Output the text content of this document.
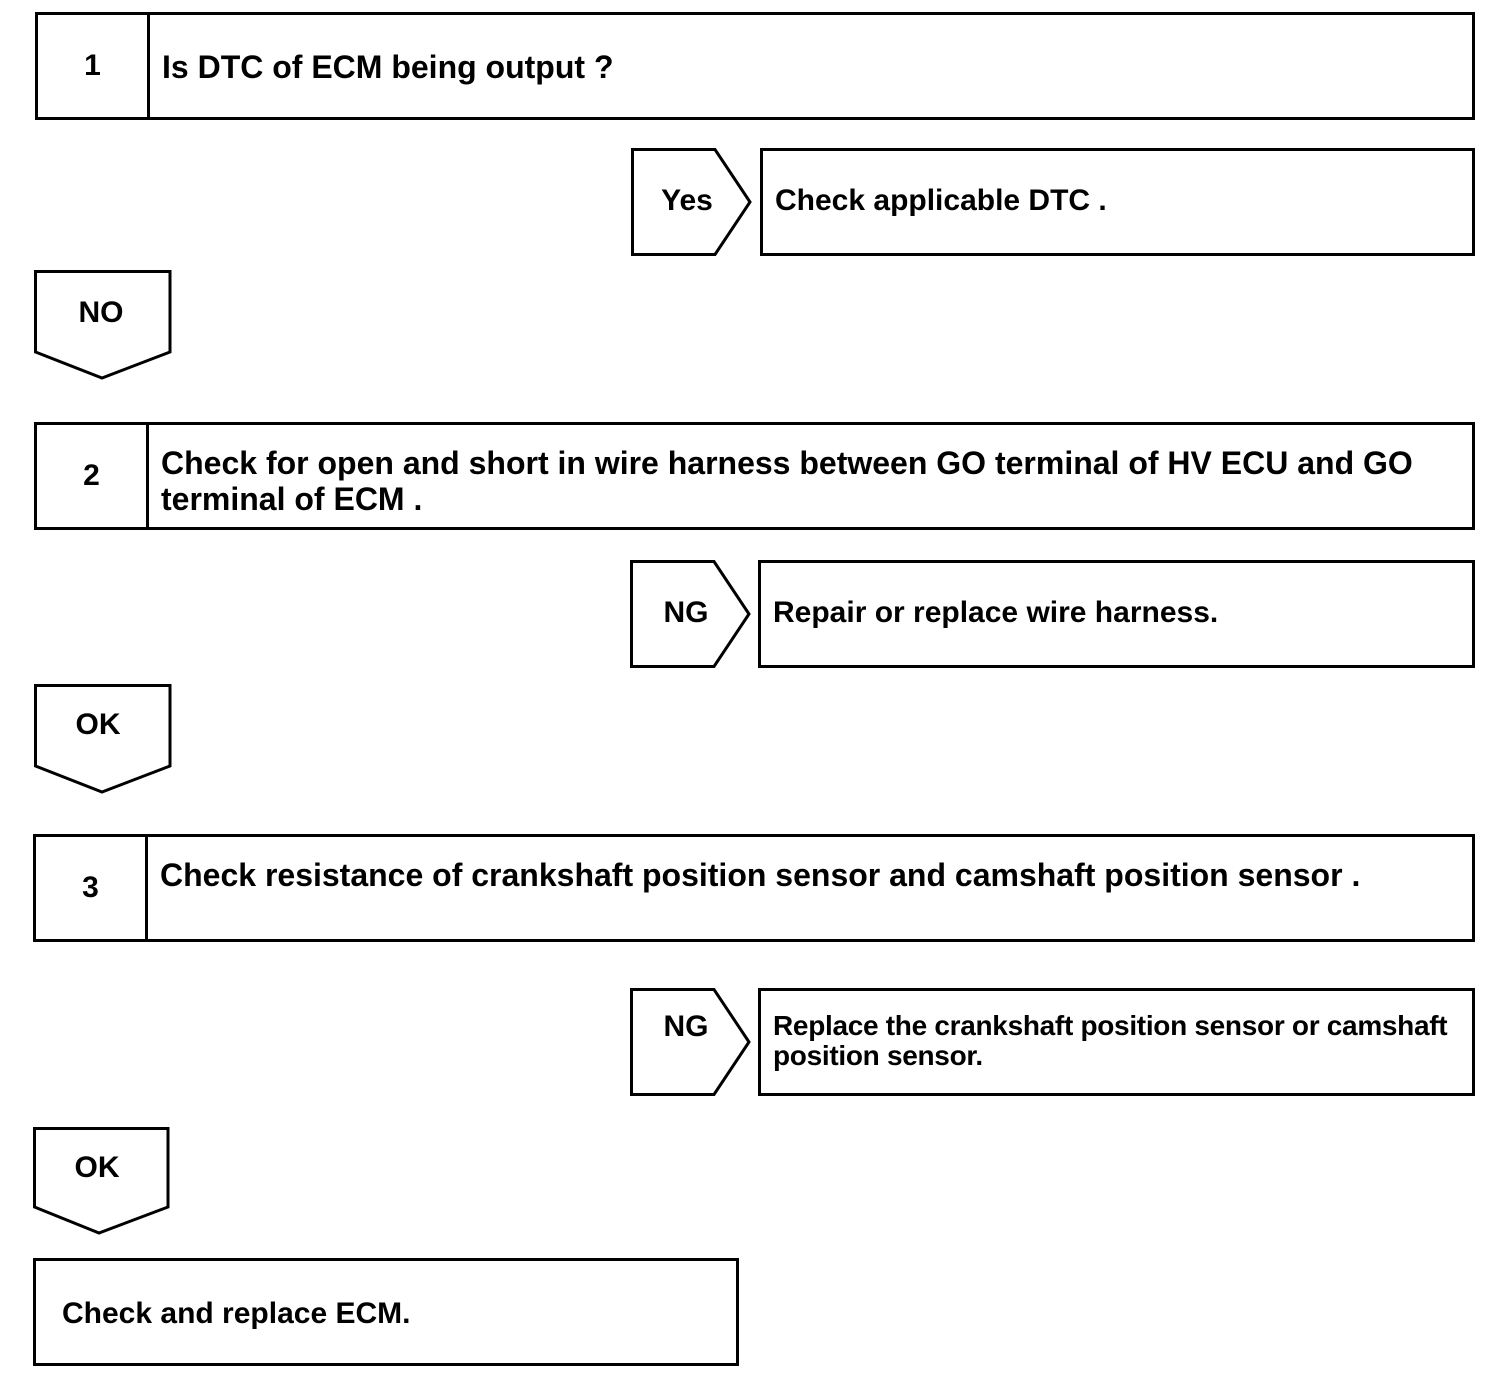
1	Is DTC of ECM being output ?
Yes	Check applicable DTC .
NO
2	Check for open and short in wire harness between GO terminal of HV ECU and GO terminal of ECM .
NG	Repair or replace wire harness.
OK
3	Check resistance of crankshaft position sensor and camshaft position sensor .
NG	Replace the crankshaft position sensor or camshaft position sensor.
OK
Check and replace ECM.
